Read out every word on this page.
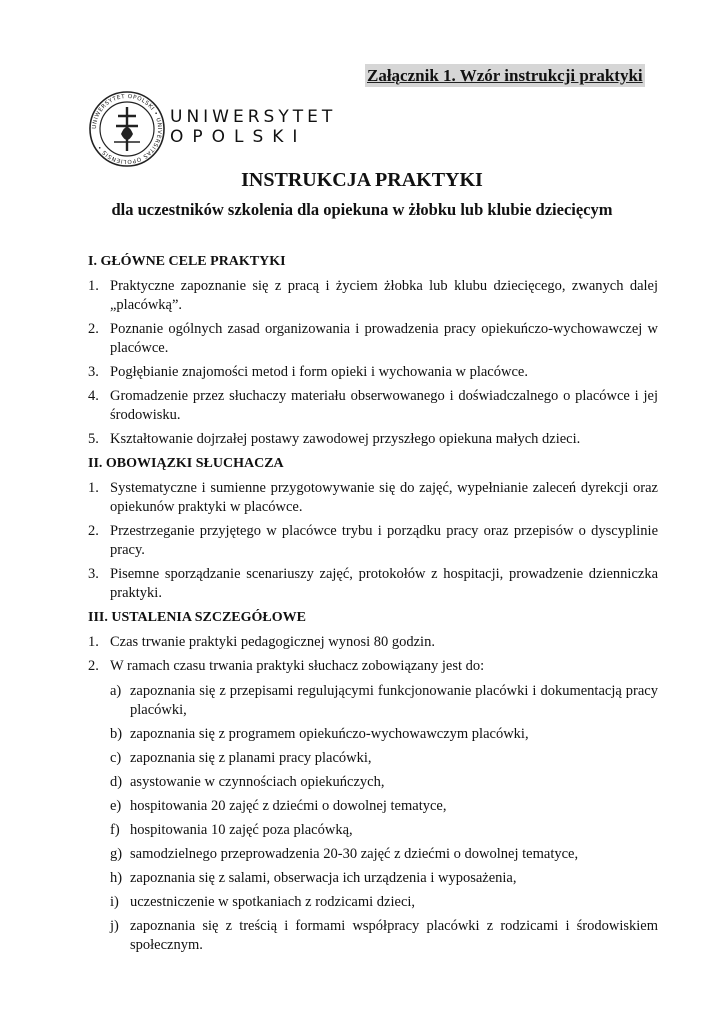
Załącznik 1. Wzór instrukcji praktyki
UNIWERSYTET OPOLSKI • UNIVERSITAS OPOLIENSIS •
UNIWERSYTET
OPOLSKI
INSTRUKCJA PRAKTYKI
dla uczestników szkolenia dla opiekuna w żłobku lub klubie dziecięcym
I. GŁÓWNE CELE PRAKTYKI
1. Praktyczne zapoznanie się z pracą i życiem żłobka lub klubu dziecięcego, zwanych dalej „placówką”.
2. Poznanie ogólnych zasad organizowania i prowadzenia pracy opiekuńczo-wychowawczej w placówce.
3. Pogłębianie znajomości metod i form opieki i wychowania w placówce.
4. Gromadzenie przez słuchaczy materiału obserwowanego i doświadczalnego o placówce i jej środowisku.
5. Kształtowanie dojrzałej postawy zawodowej przyszłego opiekuna małych dzieci.
II. OBOWIĄZKI SŁUCHACZA
1. Systematyczne i sumienne przygotowywanie się do zajęć, wypełnianie zaleceń dyrekcji oraz opiekunów praktyki w placówce.
2. Przestrzeganie przyjętego w placówce trybu i porządku pracy oraz przepisów o dyscyplinie pracy.
3. Pisemne sporządzanie scenariuszy zajęć, protokołów z hospitacji, prowadzenie dzienniczka praktyki.
III. USTALENIA SZCZEGÓŁOWE
1. Czas trwanie praktyki pedagogicznej wynosi 80 godzin.
2. W ramach czasu trwania praktyki słuchacz zobowiązany jest do:
a) zapoznania się z przepisami regulującymi funkcjonowanie placówki i dokumentacją pracy placówki,
b) zapoznania się z programem opiekuńczo-wychowawczym placówki,
c) zapoznania się z planami pracy placówki,
d) asystowanie w czynnościach opiekuńczych,
e) hospitowania 20 zajęć z dziećmi o dowolnej tematyce,
f) hospitowania 10 zajęć poza placówką,
g) samodzielnego przeprowadzenia 20-30 zajęć z dziećmi o dowolnej tematyce,
h) zapoznania się z salami, obserwacja ich urządzenia i wyposażenia,
i) uczestniczenie w spotkaniach z rodzicami dzieci,
j) zapoznania się z treścią i formami współpracy placówki z rodzicami i środowiskiem społecznym.
